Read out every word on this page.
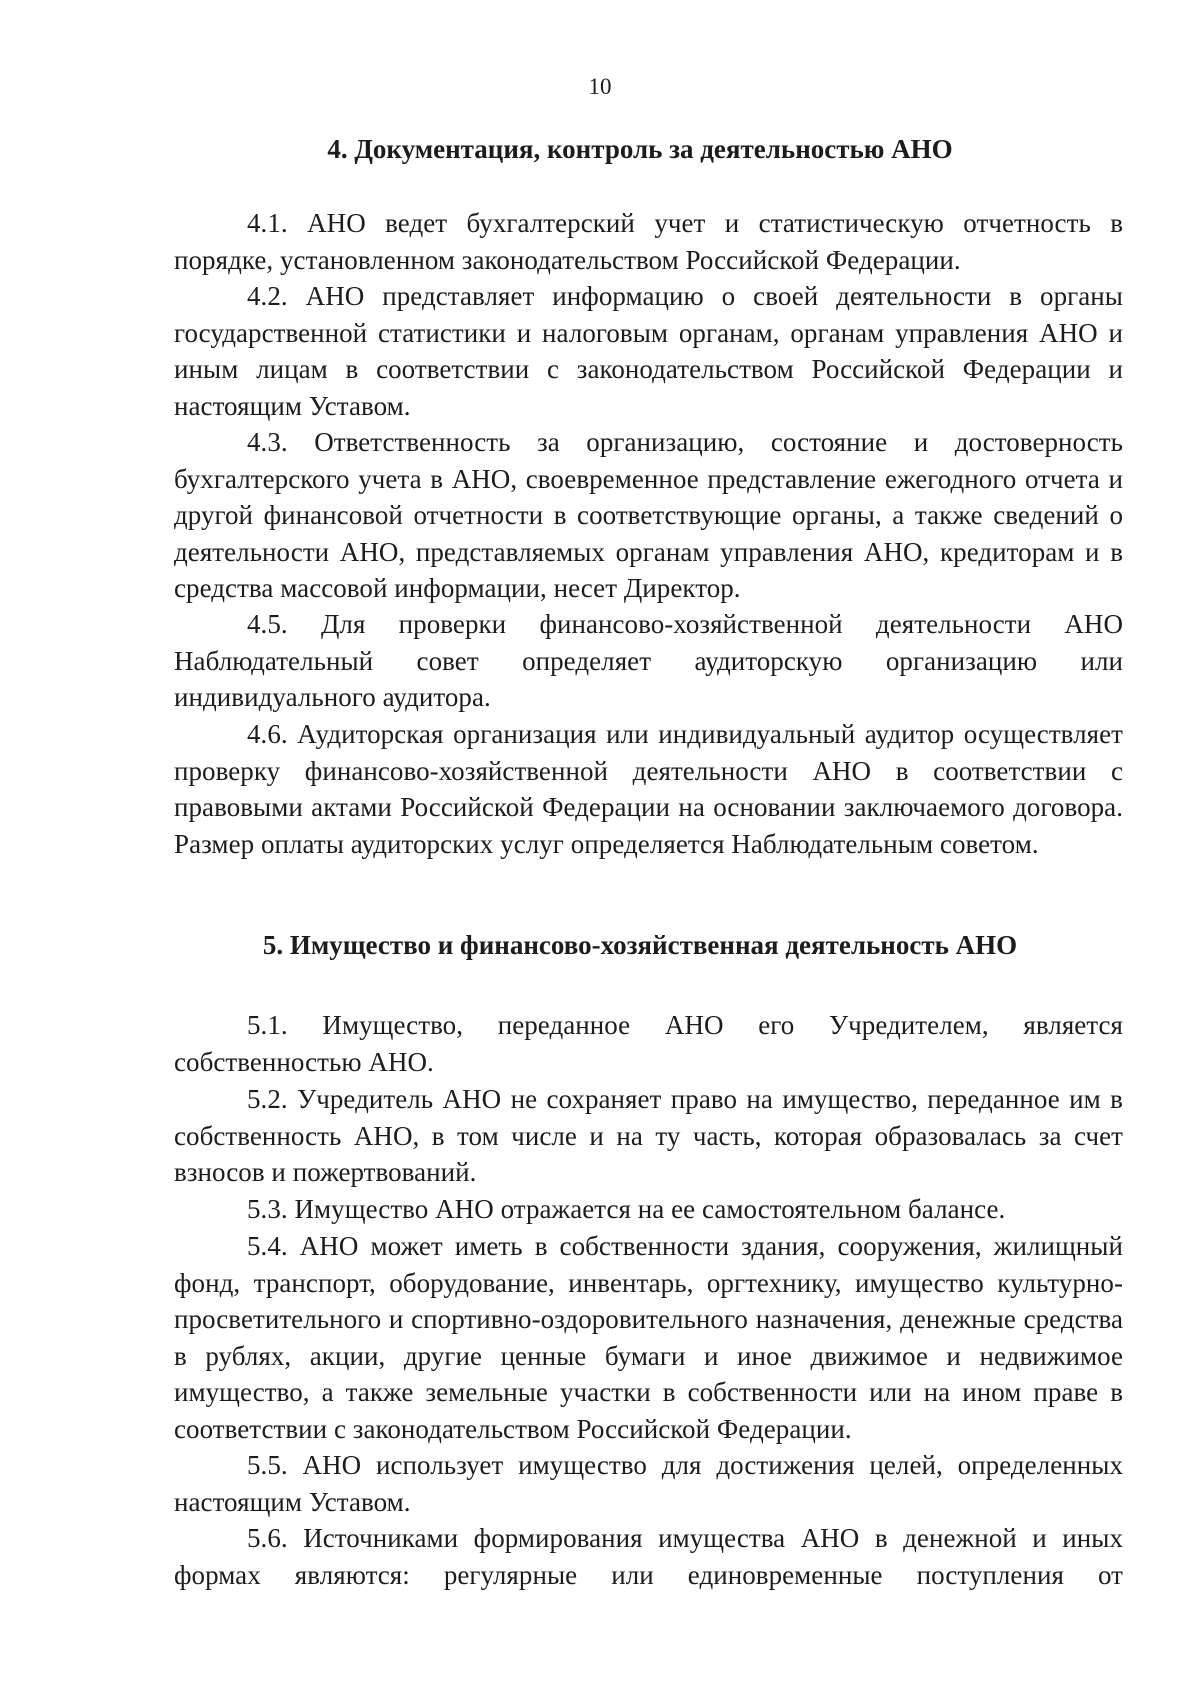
10
4. Документация, контроль за деятельностью АНО

4.1. АНО ведет бухгалтерский учет и статистическую отчетность в порядке, установленном законодательством Российской Федерации.

4.2. АНО представляет информацию о своей деятельности в органы государственной статистики и налоговым органам, органам управления АНО и иным лицам в соответствии с законодательством Российской Федерации и настоящим Уставом.

4.3. Ответственность за организацию, состояние и достоверность бухгалтерского учета в АНО, своевременное представление ежегодного отчета и другой финансовой отчетности в соответствующие органы, а также сведений о деятельности АНО, представляемых органам управления АНО, кредиторам и в средства массовой информации, несет Директор.

4.5. Для проверки финансово-хозяйственной деятельности АНО Наблюдательный совет определяет аудиторскую организацию или индивидуального аудитора.

4.6. Аудиторская организация или индивидуальный аудитор осуществляет проверку финансово-хозяйственной деятельности АНО в соответствии с правовыми актами Российской Федерации на основании заключаемого договора. Размер оплаты аудиторских услуг определяется Наблюдательным советом.

5. Имущество и финансово-хозяйственная деятельность АНО

5.1. Имущество, переданное АНО его Учредителем, является собственностью АНО.

5.2. Учредитель АНО не сохраняет право на имущество, переданное им в собственность АНО, в том числе и на ту часть, которая образовалась за счет взносов и пожертвований.

5.3. Имущество АНО отражается на ее самостоятельном балансе.

5.4. АНО может иметь в собственности здания, сооружения, жилищный фонд, транспорт, оборудование, инвентарь, оргтехнику, имущество культурно-просветительного и спортивно-оздоровительного назначения, денежные средства в рублях, акции, другие ценные бумаги и иное движимое и недвижимое имущество, а также земельные участки в собственности или на ином праве в соответствии с законодательством Российской Федерации.

5.5. АНО использует имущество для достижения целей, определенных настоящим Уставом.

5.6. Источниками формирования имущества АНО в денежной и иных формах являются: регулярные или единовременные поступления от
